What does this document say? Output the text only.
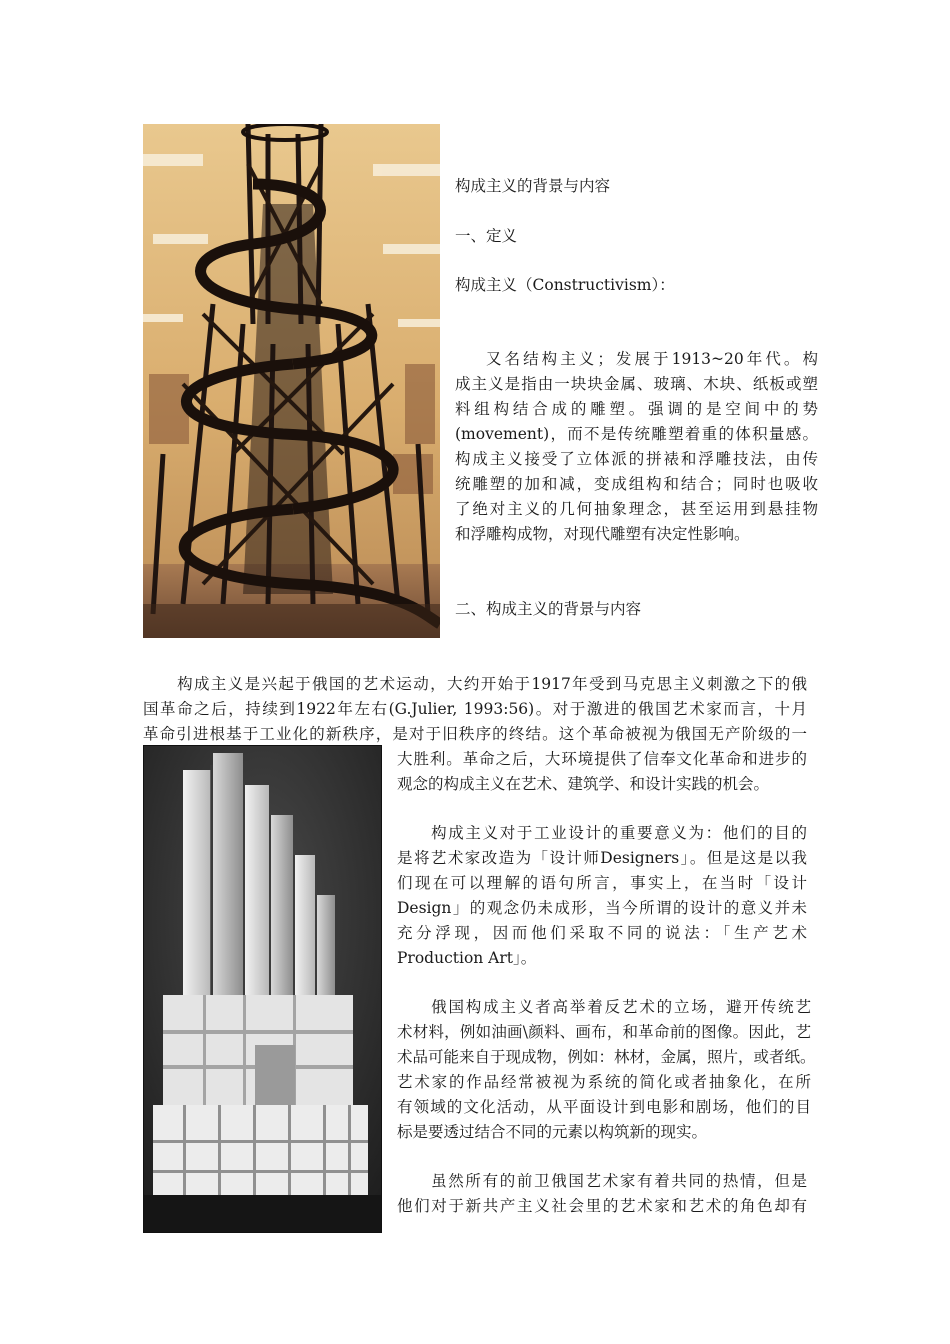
构成主义的背景与内容
一、定义
构成主义（Constructivism）：
又名结构主义；发展于1913~20年代。构
成主义是指由一块块金属、玻璃、木块、纸板或塑
料组构结合成的雕塑。强调的是空间中的势
(movement)，而不是传统雕塑着重的体积量感。
构成主义接受了立体派的拼裱和浮雕技法，由传
统雕塑的加和减，变成组构和结合；同时也吸收
了绝对主义的几何抽象理念，甚至运用到悬挂物
和浮雕构成物，对现代雕塑有决定性影响。
二、构成主义的背景与内容
构成主义是兴起于俄国的艺术运动，大约开始于1917年受到马克思主义刺激之下的俄
国革命之后，持续到1922年左右(G.Julier, 1993:56)。对于激进的俄国艺术家而言，十月
革命引进根基于工业化的新秩序，是对于旧秩序的终结。这个革命被视为俄国无产阶级的一
大胜利。革命之后，大环境提供了信奉文化革命和进步的
观念的构成主义在艺术、建筑学、和设计实践的机会。
构成主义对于工业设计的重要意义为：他们的目的
是将艺术家改造为「设计师Designers」。但是这是以我
们现在可以理解的语句所言，事实上，在当时「设计
Design」的观念仍未成形，当今所谓的设计的意义并未
充分浮现，因而他们采取不同的说法：「生产艺术
Production Art」。
俄国构成主义者高举着反艺术的立场，避开传统艺
术材料，例如油画\颜料、画布，和革命前的图像。因此，艺
术品可能来自于现成物，例如：林材，金属，照片，或者纸。
艺术家的作品经常被视为系统的简化或者抽象化，在所
有领域的文化活动，从平面设计到电影和剧场，他们的目
标是要透过结合不同的元素以构筑新的现实。
虽然所有的前卫俄国艺术家有着共同的热情，但是
他们对于新共产主义社会里的艺术家和艺术的角色却有
